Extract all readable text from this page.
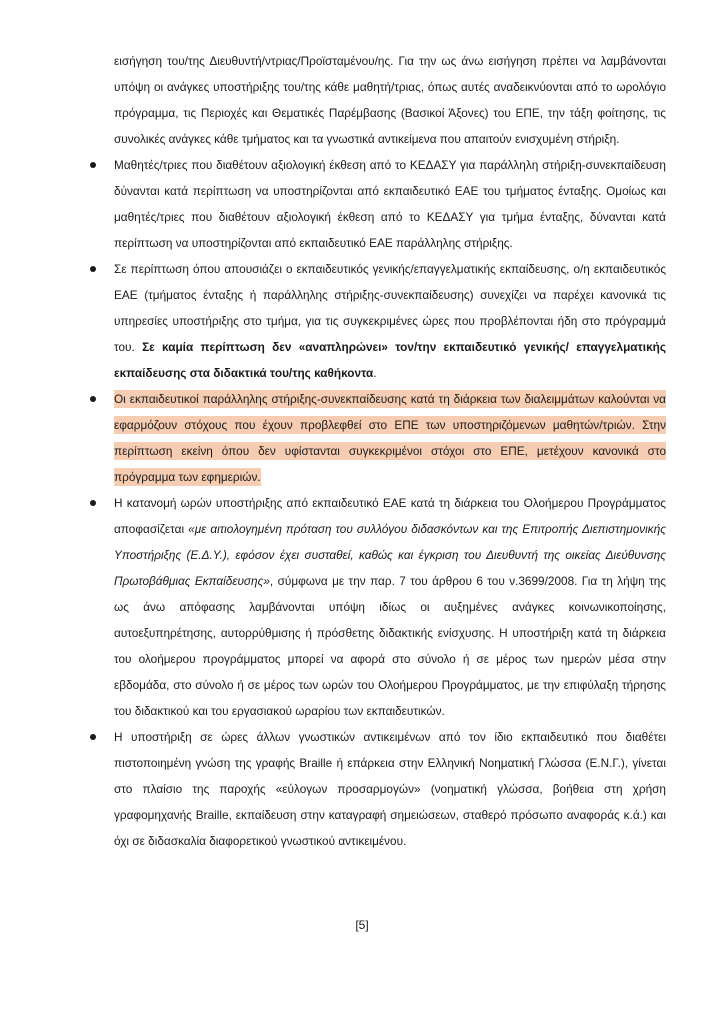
εισήγηση του/της Διευθυντή/ντριας/Προϊσταμένου/ης. Για την ως άνω εισήγηση πρέπει να λαμβάνονται υπόψη οι ανάγκες υποστήριξης του/της κάθε μαθητή/τριας, όπως αυτές αναδεικνύονται από το ωρολόγιο πρόγραμμα, τις Περιοχές και Θεματικές Παρέμβασης (Βασικοί Άξονες) του ΕΠΕ, την τάξη φοίτησης, τις συνολικές ανάγκες κάθε τμήματος και τα γνωστικά αντικείμενα που απαιτούν ενισχυμένη στήριξη.

Μαθητές/τριες που διαθέτουν αξιολογική έκθεση από το ΚΕΔΑΣΥ για παράλληλη στήριξη-συνεκπαίδευση δύνανται κατά περίπτωση να υποστηρίζονται από εκπαιδευτικό ΕΑΕ του τμήματος ένταξης. Ομοίως και μαθητές/τριες που διαθέτουν αξιολογική έκθεση από το ΚΕΔΑΣΥ για τμήμα ένταξης, δύνανται κατά περίπτωση να υποστηρίζονται από εκπαιδευτικό ΕΑΕ παράλληλης στήριξης.

Σε περίπτωση όπου απουσιάζει ο εκπαιδευτικός γενικής/επαγγελματικής εκπαίδευσης, ο/η εκπαιδευτικός ΕΑΕ (τμήματος ένταξης ή παράλληλης στήριξης-συνεκπαίδευσης) συνεχίζει να παρέχει κανονικά τις υπηρεσίες υποστήριξης στο τμήμα, για τις συγκεκριμένες ώρες που προβλέπονται ήδη στο πρόγραμμά του. Σε καμία περίπτωση δεν «αναπληρώνει» τον/την εκπαιδευτικό γενικής/ επαγγελματικής εκπαίδευσης στα διδακτικά του/της καθήκοντα.

Οι εκπαιδευτικοί παράλληλης στήριξης-συνεκπαίδευσης κατά τη διάρκεια των διαλειμμάτων καλούνται να εφαρμόζουν στόχους που έχουν προβλεφθεί στο ΕΠΕ των υποστηριζόμενων μαθητών/τριών. Στην περίπτωση εκείνη όπου δεν υφίστανται συγκεκριμένοι στόχοι στο ΕΠΕ, μετέχουν κανονικά στο πρόγραμμα των εφημεριών.

Η κατανομή ωρών υποστήριξης από εκπαιδευτικό ΕΑΕ κατά τη διάρκεια του Ολοήμερου Προγράμματος αποφασίζεται «με αιτιολογημένη πρόταση του συλλόγου διδασκόντων και της Επιτροπής Διεπιστημονικής Υποστήριξης (Ε.Δ.Υ.), εφόσον έχει συσταθεί, καθώς και έγκριση του Διευθυντή της οικείας Διεύθυνσης Πρωτοβάθμιας Εκπαίδευσης», σύμφωνα με την παρ. 7 του άρθρου 6 του ν.3699/2008. Για τη λήψη της ως άνω απόφασης λαμβάνονται υπόψη ιδίως οι αυξημένες ανάγκες κοινωνικοποίησης, αυτοεξυπηρέτησης, αυτορρύθμισης ή πρόσθετης διδακτικής ενίσχυσης. Η υποστήριξη κατά τη διάρκεια του ολοήμερου προγράμματος μπορεί να αφορά στο σύνολο ή σε μέρος των ημερών μέσα στην εβδομάδα, στο σύνολο ή σε μέρος των ωρών του Ολοήμερου Προγράμματος, με την επιφύλαξη τήρησης του διδακτικού και του εργασιακού ωραρίου των εκπαιδευτικών.

Η υποστήριξη σε ώρες άλλων γνωστικών αντικειμένων από τον ίδιο εκπαιδευτικό που διαθέτει πιστοποιημένη γνώση της γραφής Braille ή επάρκεια στην Ελληνική Νοηματική Γλώσσα (Ε.Ν.Γ.), γίνεται στο πλαίσιο της παροχής «εύλογων προσαρμογών» (νοηματική γλώσσα, βοήθεια στη χρήση γραφομηχανής Braille, εκπαίδευση στην καταγραφή σημειώσεων, σταθερό πρόσωπο αναφοράς κ.ά.) και όχι σε διδασκαλία διαφορετικού γνωστικού αντικειμένου.

[5]
